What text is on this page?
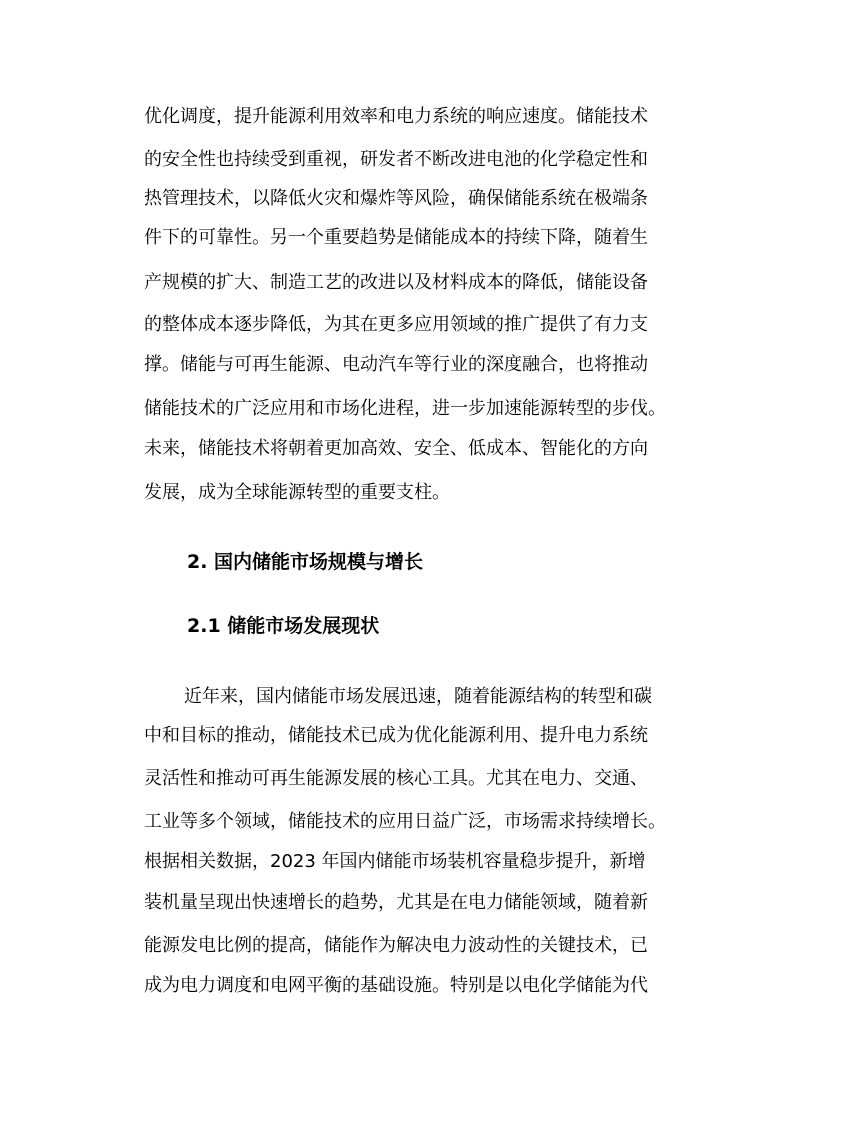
优化调度，提升能源利用效率和电力系统的响应速度。储能技术
的安全性也持续受到重视，研发者不断改进电池的化学稳定性和
热管理技术，以降低火灾和爆炸等风险，确保储能系统在极端条
件下的可靠性。另一个重要趋势是储能成本的持续下降，随着生
产规模的扩大、制造工艺的改进以及材料成本的降低，储能设备
的整体成本逐步降低，为其在更多应用领域的推广提供了有力支
撑。储能与可再生能源、电动汽车等行业的深度融合，也将推动
储能技术的广泛应用和市场化进程，进一步加速能源转型的步伐。
未来，储能技术将朝着更加高效、安全、低成本、智能化的方向
发展，成为全球能源转型的重要支柱。
2. 国内储能市场规模与增长
2.1 储能市场发展现状
近年来，国内储能市场发展迅速，随着能源结构的转型和碳
中和目标的推动，储能技术已成为优化能源利用、提升电力系统
灵活性和推动可再生能源发展的核心工具。尤其在电力、交通、
工业等多个领域，储能技术的应用日益广泛，市场需求持续增长。
根据相关数据，2023 年国内储能市场装机容量稳步提升，新增
装机量呈现出快速增长的趋势，尤其是在电力储能领域，随着新
能源发电比例的提高，储能作为解决电力波动性的关键技术，已
成为电力调度和电网平衡的基础设施。特别是以电化学储能为代
